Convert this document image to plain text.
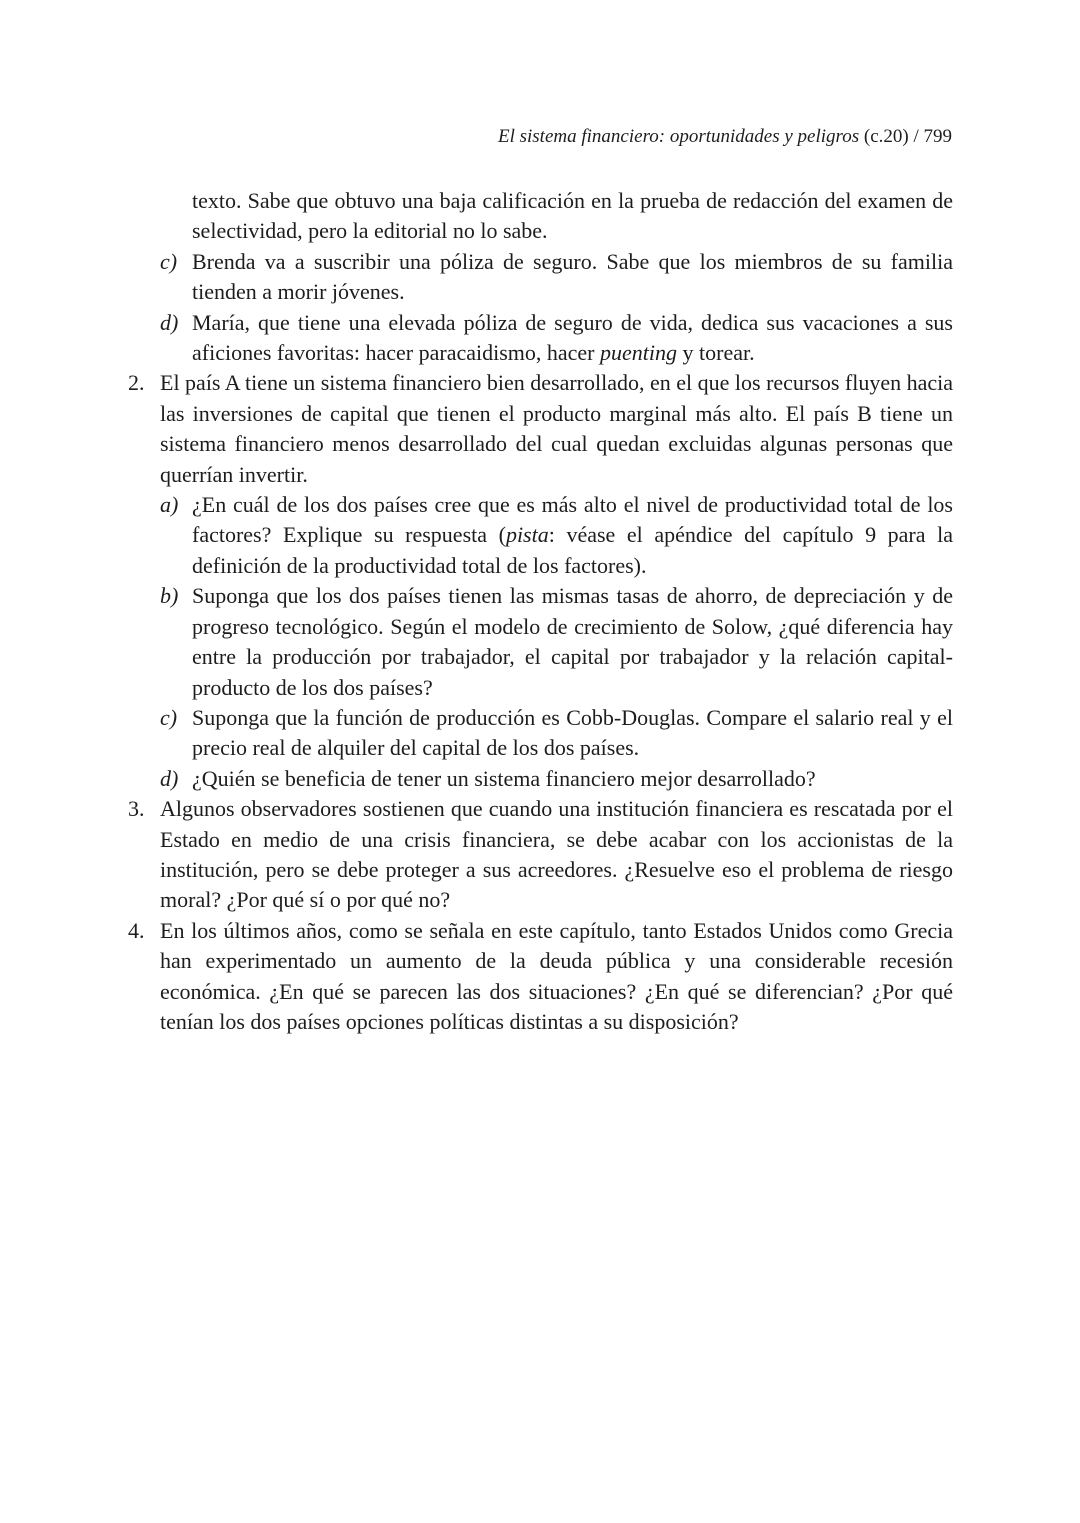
El sistema financiero: oportunidades y peligros (c.20) / 799
texto. Sabe que obtuvo una baja calificación en la prueba de redacción del examen de selectividad, pero la editorial no lo sabe.
c) Brenda va a suscribir una póliza de seguro. Sabe que los miembros de su familia tienden a morir jóvenes.
d) María, que tiene una elevada póliza de seguro de vida, dedica sus vacaciones a sus aficiones favoritas: hacer paracaidismo, hacer puenting y torear.
2. El país A tiene un sistema financiero bien desarrollado, en el que los recursos fluyen hacia las inversiones de capital que tienen el producto marginal más alto. El país B tiene un sistema financiero menos desarrollado del cual quedan excluidas algunas personas que querrían invertir.
a) ¿En cuál de los dos países cree que es más alto el nivel de productividad total de los factores? Explique su respuesta (pista: véase el apéndice del capítulo 9 para la definición de la productividad total de los factores).
b) Suponga que los dos países tienen las mismas tasas de ahorro, de depreciación y de progreso tecnológico. Según el modelo de crecimiento de Solow, ¿qué diferencia hay entre la producción por trabajador, el capital por trabajador y la relación capital-producto de los dos países?
c) Suponga que la función de producción es Cobb-Douglas. Compare el salario real y el precio real de alquiler del capital de los dos países.
d) ¿Quién se beneficia de tener un sistema financiero mejor desarrollado?
3. Algunos observadores sostienen que cuando una institución financiera es rescatada por el Estado en medio de una crisis financiera, se debe acabar con los accionistas de la institución, pero se debe proteger a sus acreedores. ¿Resuelve eso el problema de riesgo moral? ¿Por qué sí o por qué no?
4. En los últimos años, como se señala en este capítulo, tanto Estados Unidos como Grecia han experimentado un aumento de la deuda pública y una considerable recesión económica. ¿En qué se parecen las dos situaciones? ¿En qué se diferencian? ¿Por qué tenían los dos países opciones políticas distintas a su disposición?
